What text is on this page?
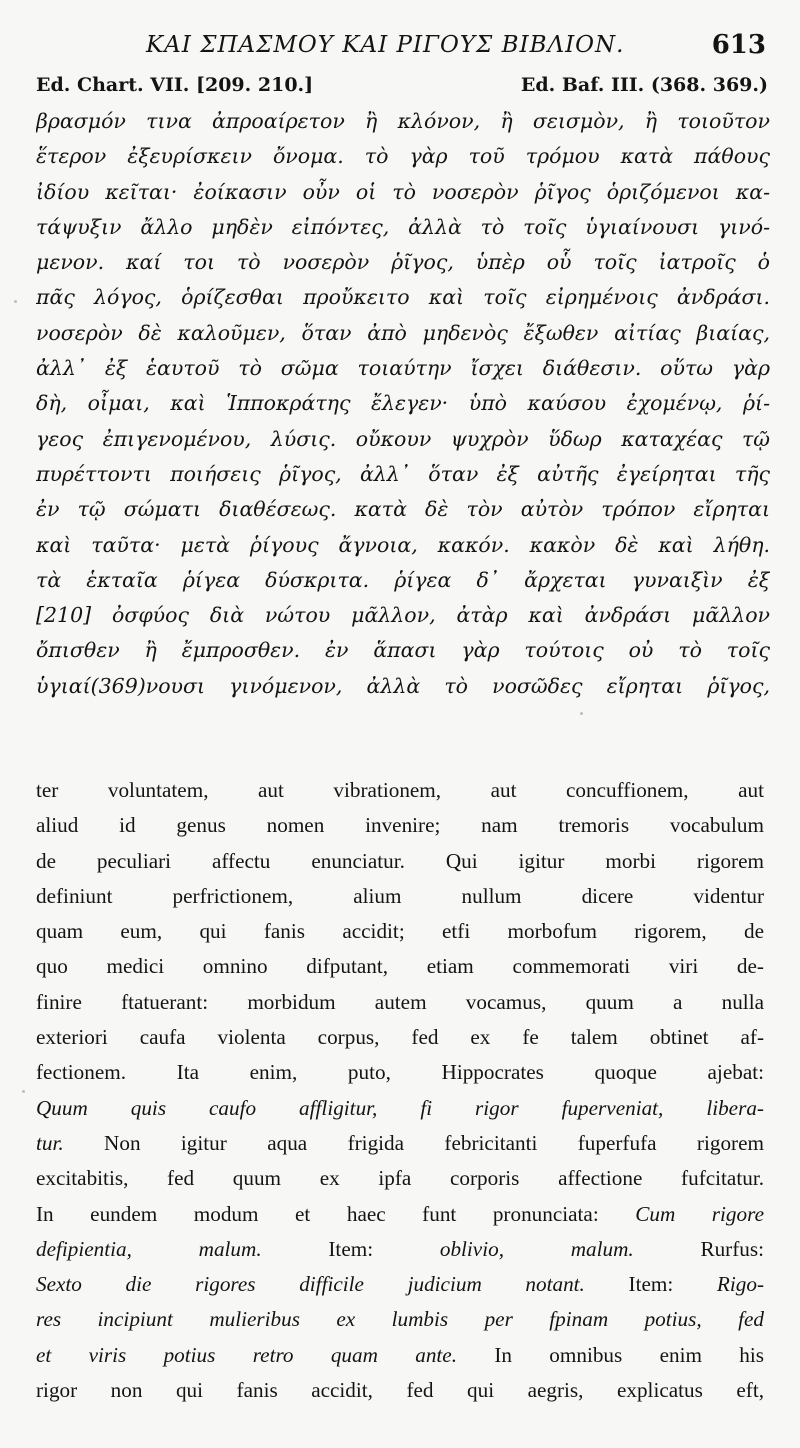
ΚΑΙ ΣΠΑΣΜΟΥ ΚΑΙ ΡΙΓΟΥΣ ΒΙΒΛΙΟΝ.	613
Ed. Chart. VII. [209. 210.]	Ed. Baf. III. (368. 369.)
βρασμόν τινα ἀπροαίρετον ἢ κλόνον, ἢ σεισμὸν, ἢ τοιοῦτον
ἕτερον ἐξευρίσκειν ὄνομα. τὸ γὰρ τοῦ τρόμου κατὰ πάθους
ἰδίου κεῖται· ἐοίκασιν οὖν οἱ τὸ νοσερὸν ῥῖγος ὁριζόμενοι κα-
τάψυξιν ἄλλο μηδὲν εἰπόντες, ἀλλὰ τὸ τοῖς ὑγιαίνουσι γινό-
μενον. καί τοι τὸ νοσερὸν ῥῖγος, ὑπὲρ οὗ τοῖς ἰατροῖς ὁ
πᾶς λόγος, ὁρίζεσθαι προὔκειτο καὶ τοῖς εἰρημένοις ἀνδράσι.
νοσερὸν δὲ καλοῦμεν, ὅταν ἀπὸ μηδενὸς ἔξωθεν αἰτίας βιαίας,
ἀλλ᾽ ἐξ ἑαυτοῦ τὸ σῶμα τοιαύτην ἴσχει διάθεσιν. οὕτω γὰρ
δὴ, οἶμαι, καὶ Ἱπποκράτης ἔλεγεν· ὑπὸ καύσου ἐχομένῳ, ῥί-
γεος ἐπιγενομένου, λύσις. οὔκουν ψυχρὸν ὕδωρ καταχέας τῷ
πυρέττοντι ποιήσεις ῥῖγος, ἀλλ᾽ ὅταν ἐξ αὐτῆς ἐγείρηται τῆς
ἐν τῷ σώματι διαθέσεως. κατὰ δὲ τὸν αὐτὸν τρόπον εἴρηται
καὶ ταῦτα· μετὰ ῥίγους ἄγνοια, κακόν. κακὸν δὲ καὶ λήθη.
τὰ ἑκταῖα ῥίγεα δύσκριτα. ῥίγεα δ᾽ ἄρχεται γυναιξὶν ἐξ
[210] ὀσφύος διὰ νώτου μᾶλλον, ἀτὰρ καὶ ἀνδράσι μᾶλλον
ὄπισθεν ἢ ἔμπροσθεν. ἐν ἅπασι γὰρ τούτοις οὐ τὸ τοῖς
ὑγιαί(369)νουσι γινόμενον, ἀλλὰ τὸ νοσῶδες εἴρηται ῥῖγος,
ter voluntatem, aut vibrationem, aut concuffionem, aut
aliud id genus nomen invenire; nam tremoris vocabulum
de peculiari affectu enunciatur. Qui igitur morbi rigorem
definiunt perfrictionem, alium nullum dicere videntur
quam eum, qui fanis accidit; etfi morbofum rigorem, de
quo medici omnino difputant, etiam commemorati viri de-
finire ftatuerant: morbidum autem vocamus, quum a nulla
exteriori caufa violenta corpus, fed ex fe talem obtinet af-
fectionem. Ita enim, puto, Hippocrates quoque ajebat:
Quum quis caufo affligitur, fi rigor fuperveniat, libera-
tur. Non igitur aqua frigida febricitanti fuperfufa rigorem
excitabitis, fed quum ex ipfa corporis affectione fufcitatur.
In eundem modum et haec funt pronunciata: Cum rigore
defipientia, malum. Item: oblivio, malum. Rurfus:
Sexto die rigores difficile judicium notant. Item: Rigo-
res incipiunt mulieribus ex lumbis per fpinam potius, fed
et viris potius retro quam ante. In omnibus enim his
rigor non qui fanis accidit, fed qui aegris, explicatus eft,
